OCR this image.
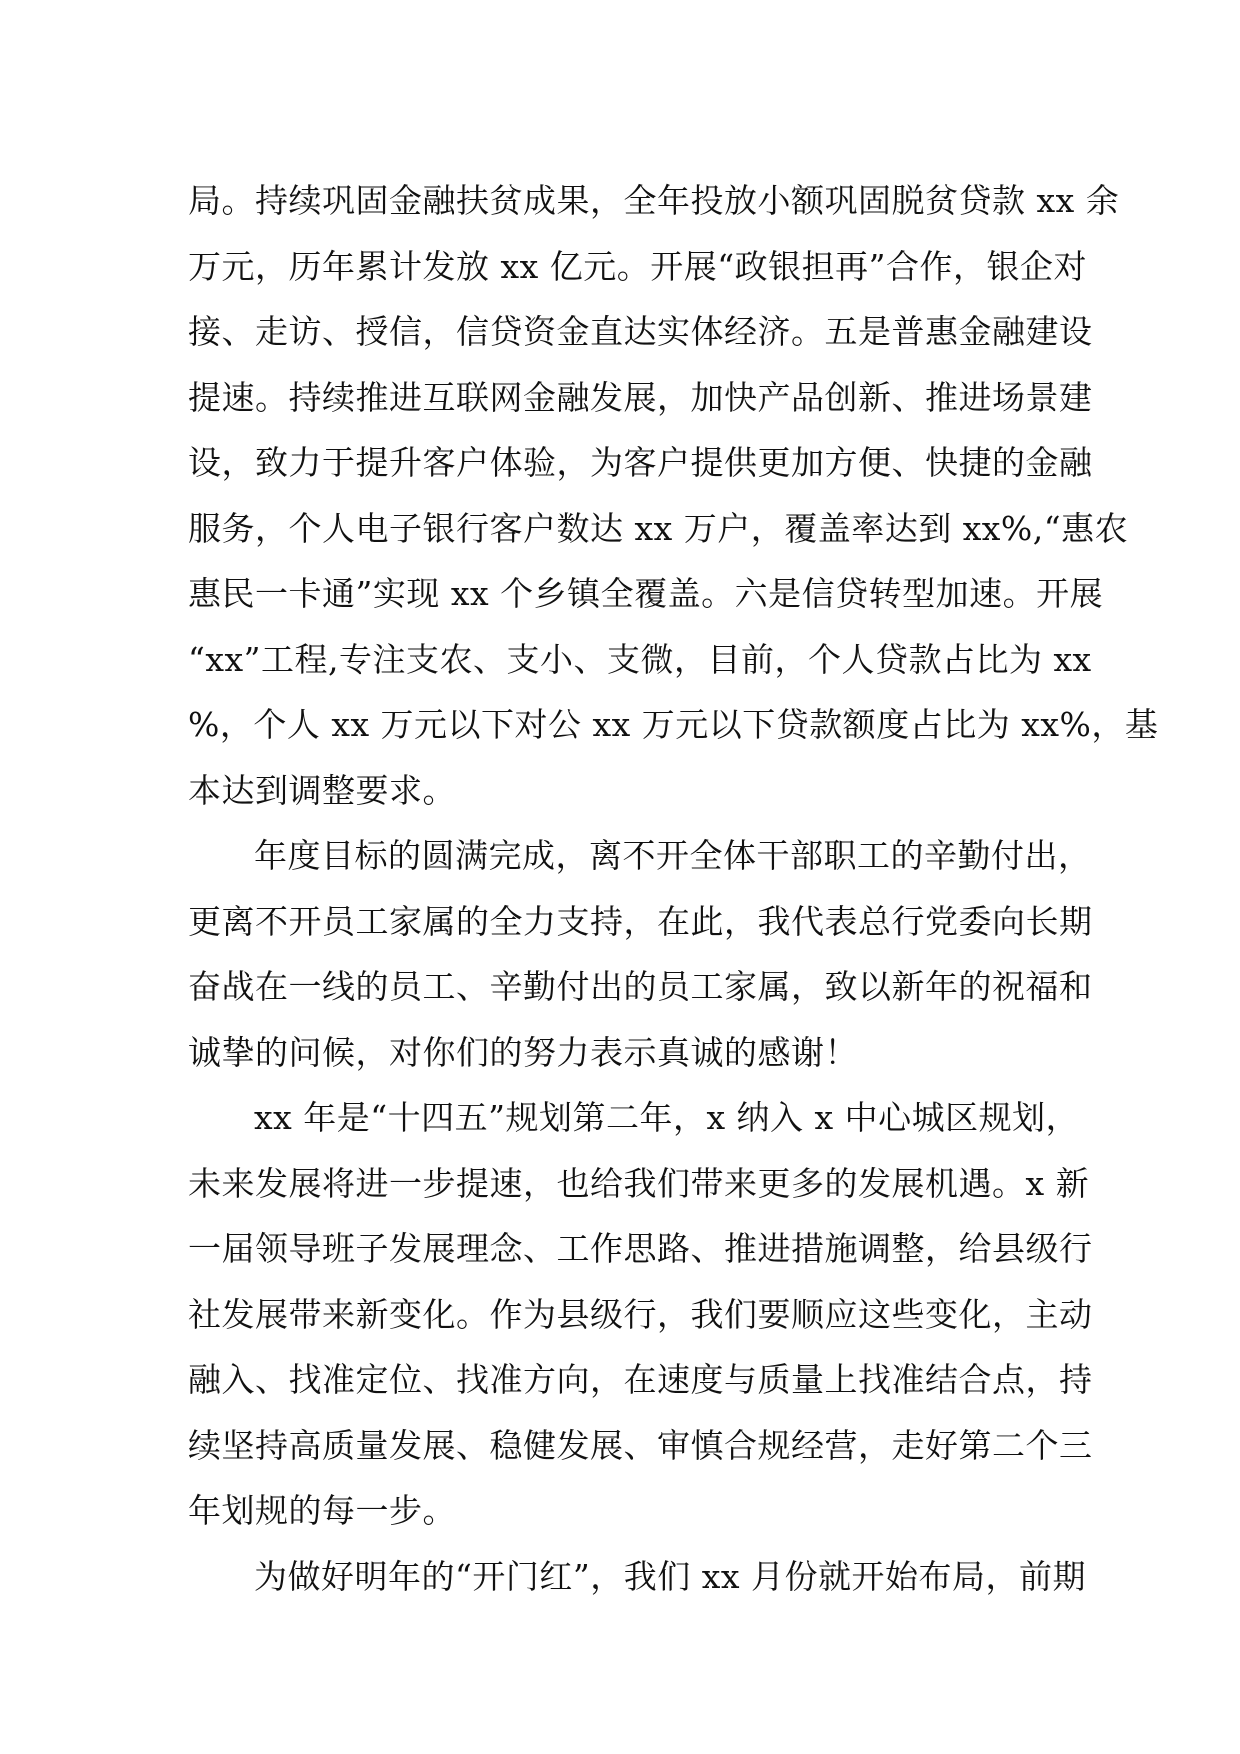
局。持续巩固金融扶贫成果，全年投放小额巩固脱贫贷款 xx 余
万元，历年累计发放 xx 亿元。开展“政银担再”合作，银企对
接、走访、授信，信贷资金直达实体经济。五是普惠金融建设
提速。持续推进互联网金融发展，加快产品创新、推进场景建
设，致力于提升客户体验，为客户提供更加方便、快捷的金融
服务，个人电子银行客户数达 xx 万户，覆盖率达到 xx%,“惠农
惠民一卡通”实现 xx 个乡镇全覆盖。六是信贷转型加速。开展
“xx”工程,专注支农、支小、支微，目前，个人贷款占比为 xx
%，个人 xx 万元以下对公 xx 万元以下贷款额度占比为 xx%，基
本达到调整要求。
年度目标的圆满完成，离不开全体干部职工的辛勤付出，
更离不开员工家属的全力支持，在此，我代表总行党委向长期
奋战在一线的员工、辛勤付出的员工家属，致以新年的祝福和
诚挚的问候，对你们的努力表示真诚的感谢！
xx 年是“十四五”规划第二年，x 纳入 x 中心城区规划，
未来发展将进一步提速，也给我们带来更多的发展机遇。x 新
一届领导班子发展理念、工作思路、推进措施调整，给县级行
社发展带来新变化。作为县级行，我们要顺应这些变化，主动
融入、找准定位、找准方向，在速度与质量上找准结合点，持
续坚持高质量发展、稳健发展、审慎合规经营，走好第二个三
年划规的每一步。
为做好明年的“开门红”，我们 xx 月份就开始布局，前期
